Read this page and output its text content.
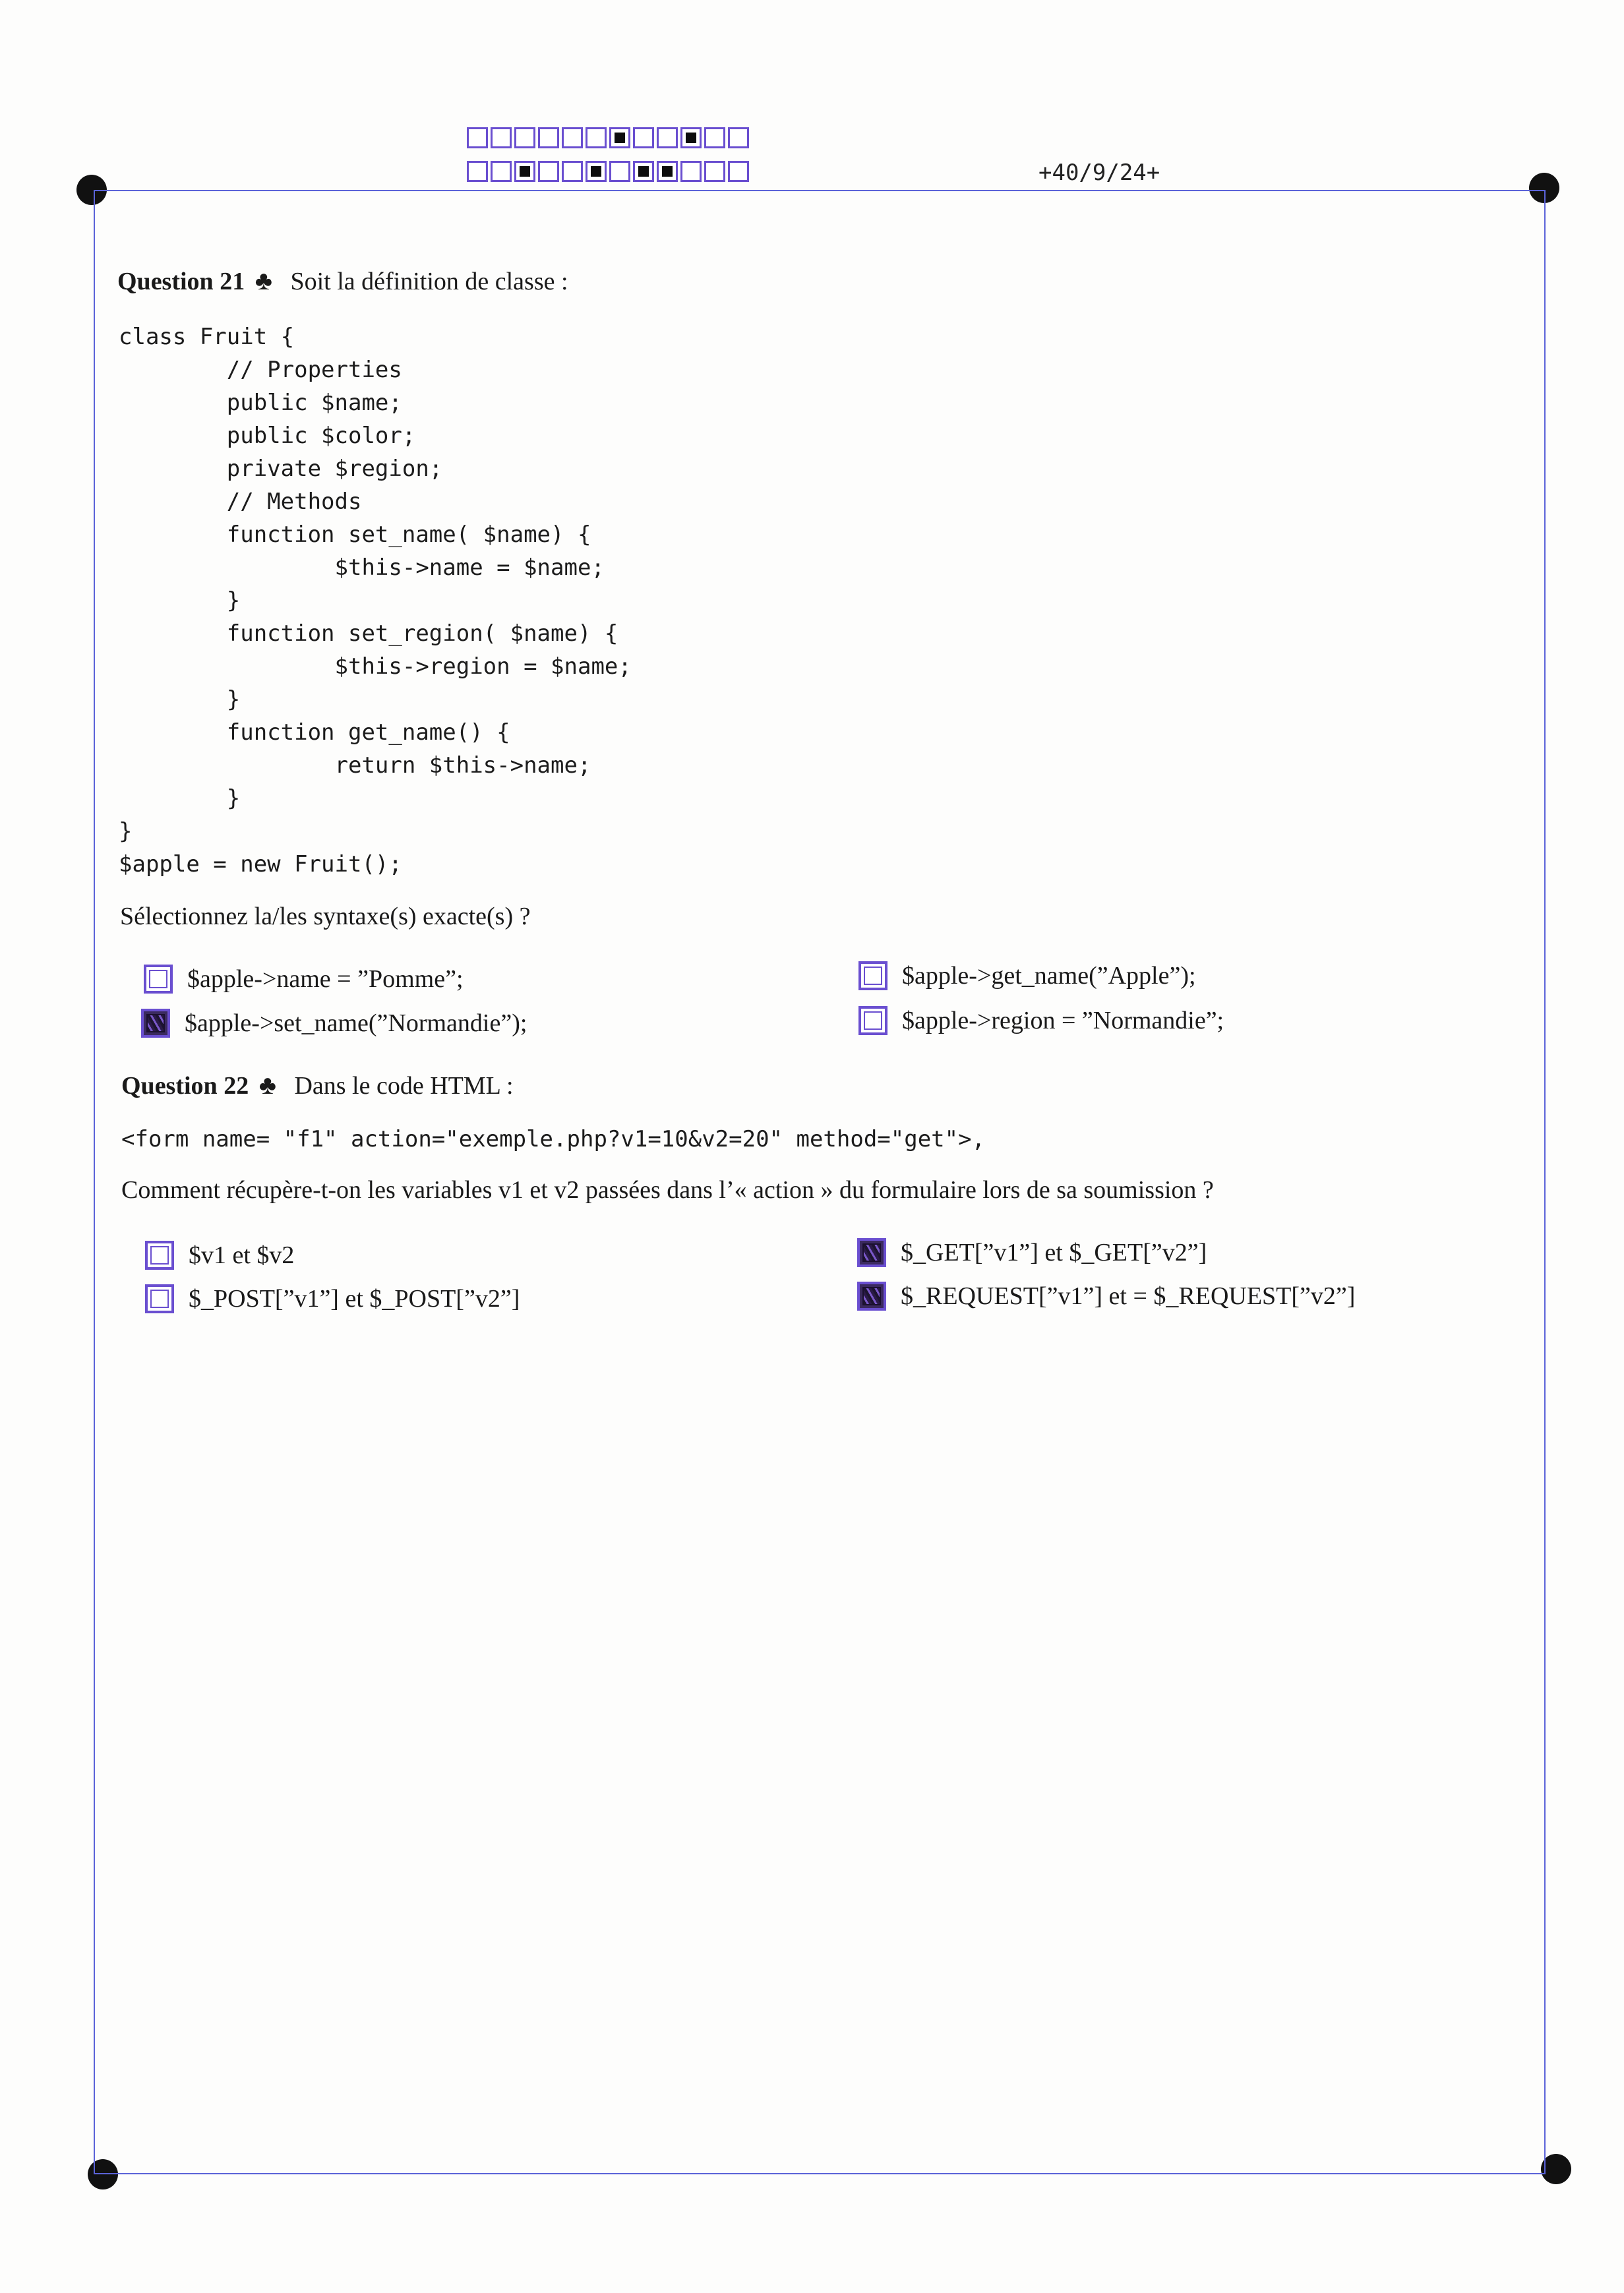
+40/9/24+
Question 21 ♣ Soit la définition de classe :
class Fruit {
// Properties
public $name;
public $color;
private $region;
// Methods
function set_name( $name) {
$this->name = $name;
}
function set_region( $name) {
$this->region = $name;
}
function get_name() {
return $this->name;
}
}
$apple = new Fruit();
Sélectionnez la/les syntaxe(s) exacte(s) ?
$apple->name = ”Pomme”;
$apple->set_name(”Normandie”);
$apple->get_name(”Apple”);
$apple->region = ”Normandie”;
Question 22 ♣ Dans le code HTML :
<form name= "f1" action="exemple.php?v1=10&v2=20" method="get">,
Comment récupère-t-on les variables v1 et v2 passées dans l’« action » du formulaire lors de sa soumission ?
$v1 et $v2
$_POST[”v1”] et $_POST[”v2”]
$_GET[”v1”] et $_GET[”v2”]
$_REQUEST[”v1”] et = $_REQUEST[”v2”]
